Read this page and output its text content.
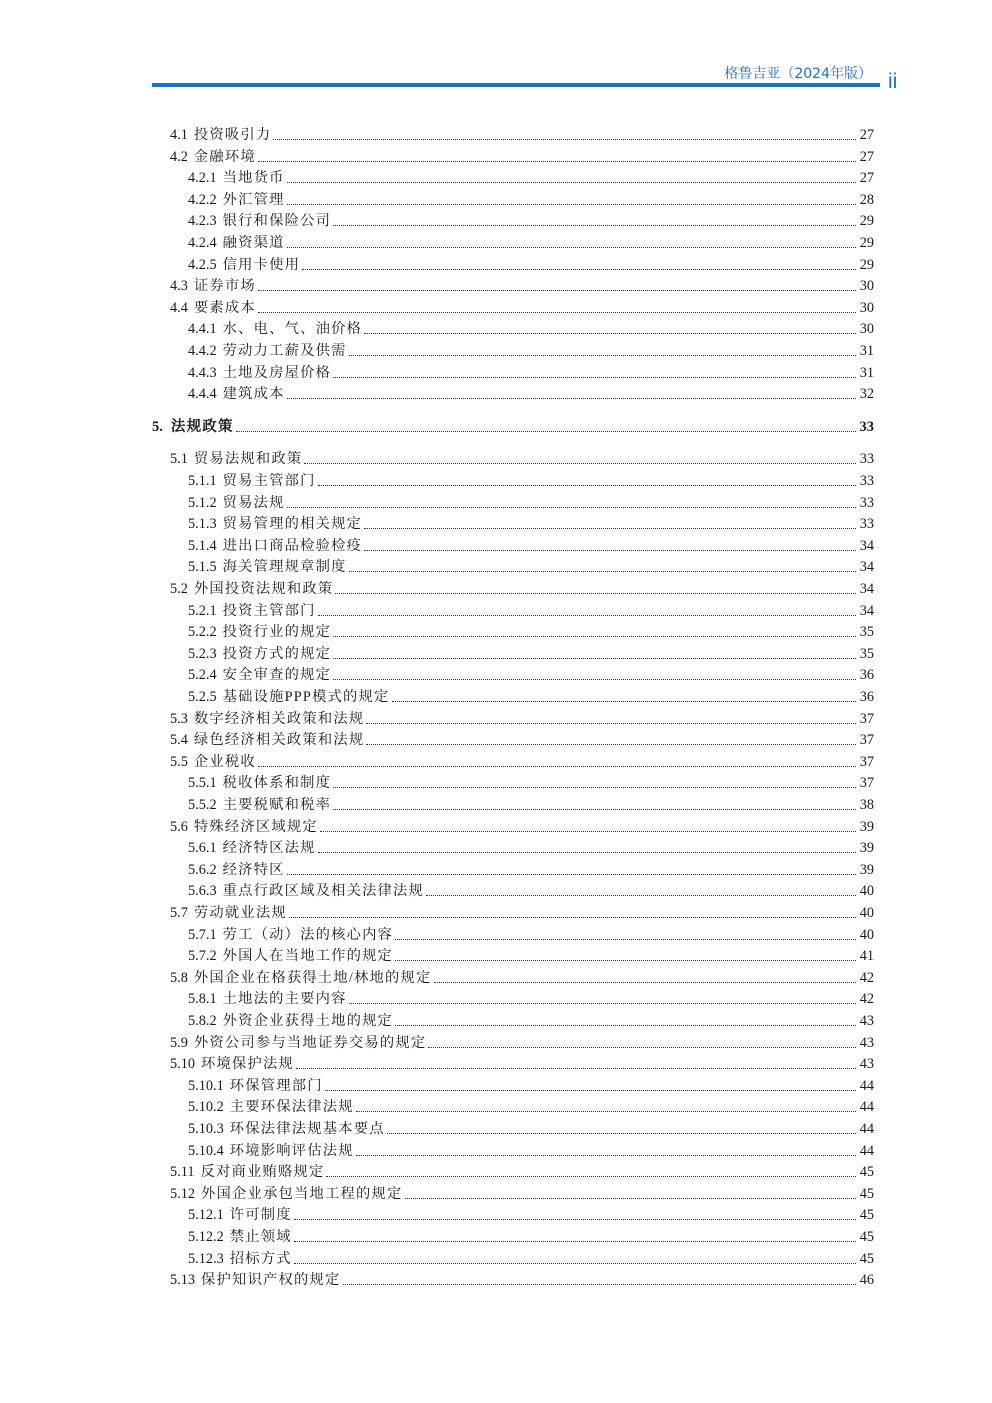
格鲁吉亚（2024年版） ii
4.1 投资吸引力	27
4.2 金融环境	27
4.2.1 当地货币	27
4.2.2 外汇管理	28
4.2.3 银行和保险公司	29
4.2.4 融资渠道	29
4.2.5 信用卡使用	29
4.3 证券市场	30
4.4 要素成本	30
4.4.1 水、电、气、油价格	30
4.4.2 劳动力工薪及供需	31
4.4.3 土地及房屋价格	31
4.4.4 建筑成本	32
5. 法规政策	33
5.1 贸易法规和政策	33
5.1.1 贸易主管部门	33
5.1.2 贸易法规	33
5.1.3 贸易管理的相关规定	33
5.1.4 进出口商品检验检疫	34
5.1.5 海关管理规章制度	34
5.2 外国投资法规和政策	34
5.2.1 投资主管部门	34
5.2.2 投资行业的规定	35
5.2.3 投资方式的规定	35
5.2.4 安全审查的规定	36
5.2.5 基础设施PPP模式的规定	36
5.3 数字经济相关政策和法规	37
5.4 绿色经济相关政策和法规	37
5.5 企业税收	37
5.5.1 税收体系和制度	37
5.5.2 主要税赋和税率	38
5.6 特殊经济区域规定	39
5.6.1 经济特区法规	39
5.6.2 经济特区	39
5.6.3 重点行政区域及相关法律法规	40
5.7 劳动就业法规	40
5.7.1 劳工（动）法的核心内容	40
5.7.2 外国人在当地工作的规定	41
5.8 外国企业在格获得土地/林地的规定	42
5.8.1 土地法的主要内容	42
5.8.2 外资企业获得土地的规定	43
5.9 外资公司参与当地证券交易的规定	43
5.10 环境保护法规	43
5.10.1 环保管理部门	44
5.10.2 主要环保法律法规	44
5.10.3 环保法律法规基本要点	44
5.10.4 环境影响评估法规	44
5.11 反对商业贿赂规定	45
5.12 外国企业承包当地工程的规定	45
5.12.1 许可制度	45
5.12.2 禁止领域	45
5.12.3 招标方式	45
5.13 保护知识产权的规定	46
